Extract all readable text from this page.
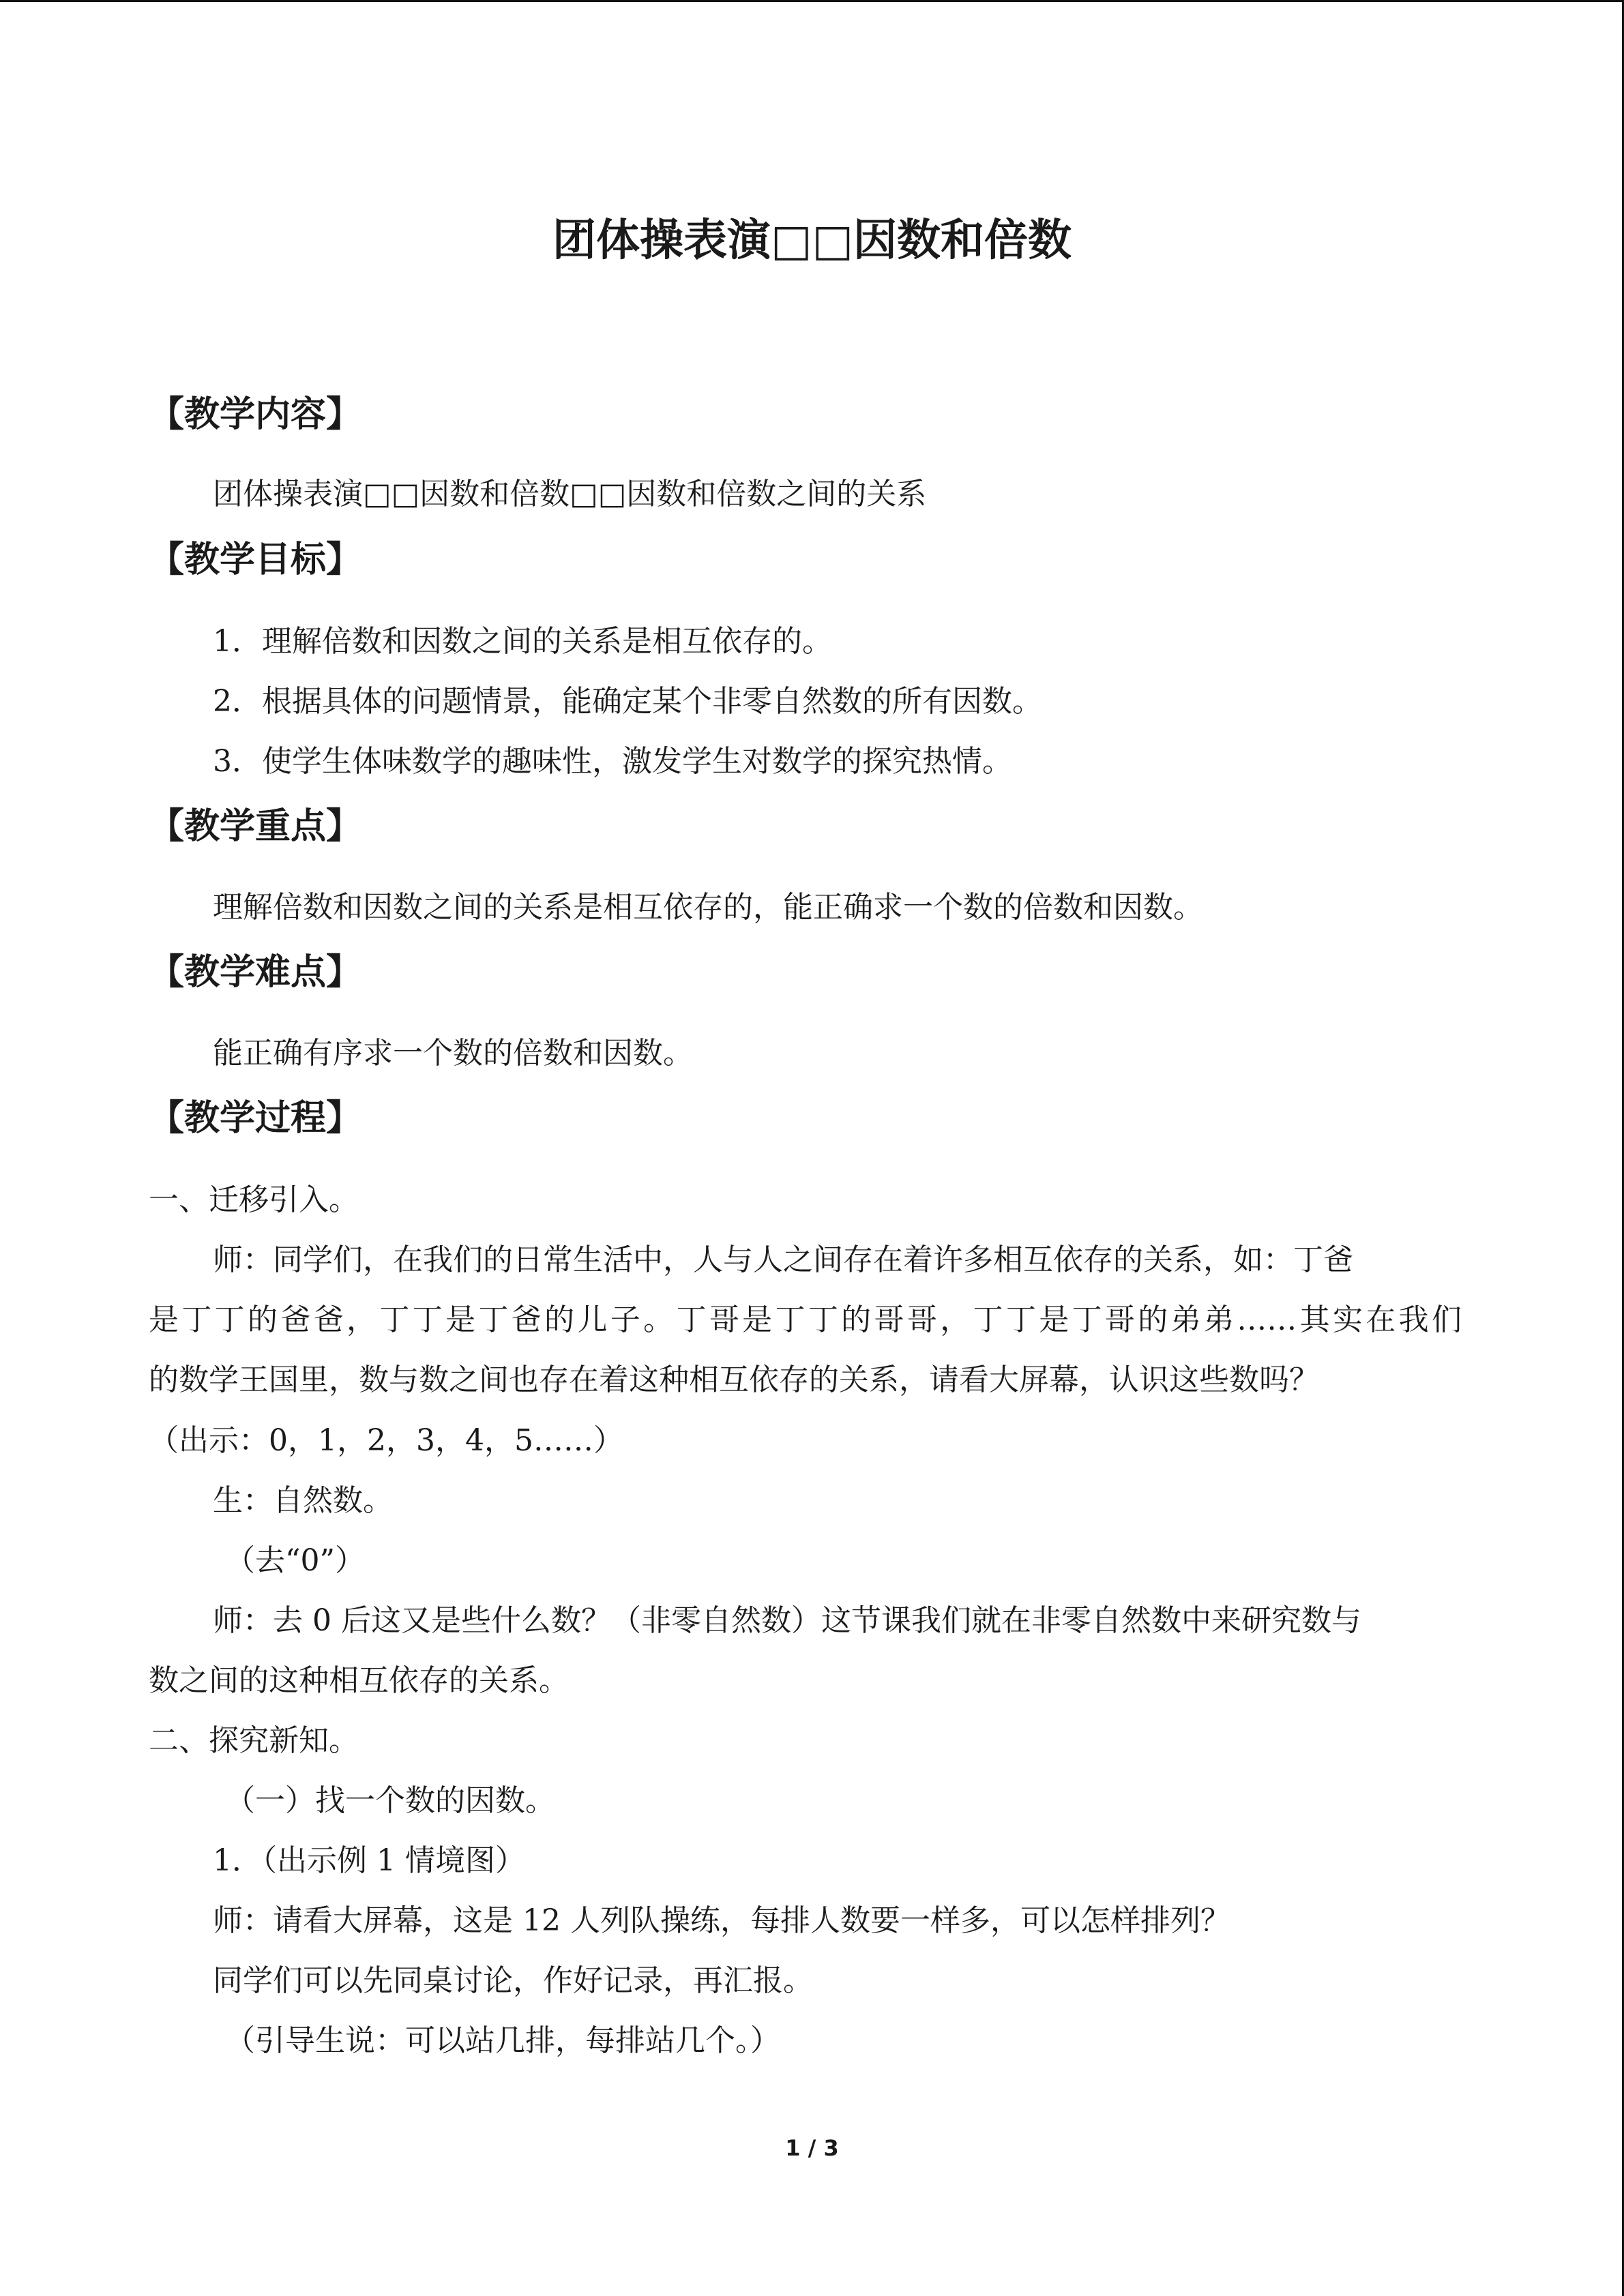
团体操表演□□因数和倍数
【教学内容】

团体操表演□□因数和倍数□□因数和倍数之间的关系

【教学目标】

1．理解倍数和因数之间的关系是相互依存的。

2．根据具体的问题情景，能确定某个非零自然数的所有因数。

3．使学生体味数学的趣味性，激发学生对数学的探究热情。

【教学重点】

理解倍数和因数之间的关系是相互依存的，能正确求一个数的倍数和因数。

【教学难点】

能正确有序求一个数的倍数和因数。

【教学过程】

一、迁移引入。

师：同学们，在我们的日常生活中，人与人之间存在着许多相互依存的关系，如：丁爸

是丁丁的爸爸，丁丁是丁爸的儿子。丁哥是丁丁的哥哥，丁丁是丁哥的弟弟……其实在我们

的数学王国里，数与数之间也存在着这种相互依存的关系，请看大屏幕，认识这些数吗？

（出示：0，1，2，3，4，5……）

生：自然数。

（去“0”）

师：去 0 后这又是些什么数？（非零自然数）这节课我们就在非零自然数中来研究数与

数之间的这种相互依存的关系。

二、探究新知。

（一）找一个数的因数。

1．（出示例 1 情境图）

师：请看大屏幕，这是 12 人列队操练，每排人数要一样多，可以怎样排列？

同学们可以先同桌讨论，作好记录，再汇报。

（引导生说：可以站几排，每排站几个。）

1 / 3
